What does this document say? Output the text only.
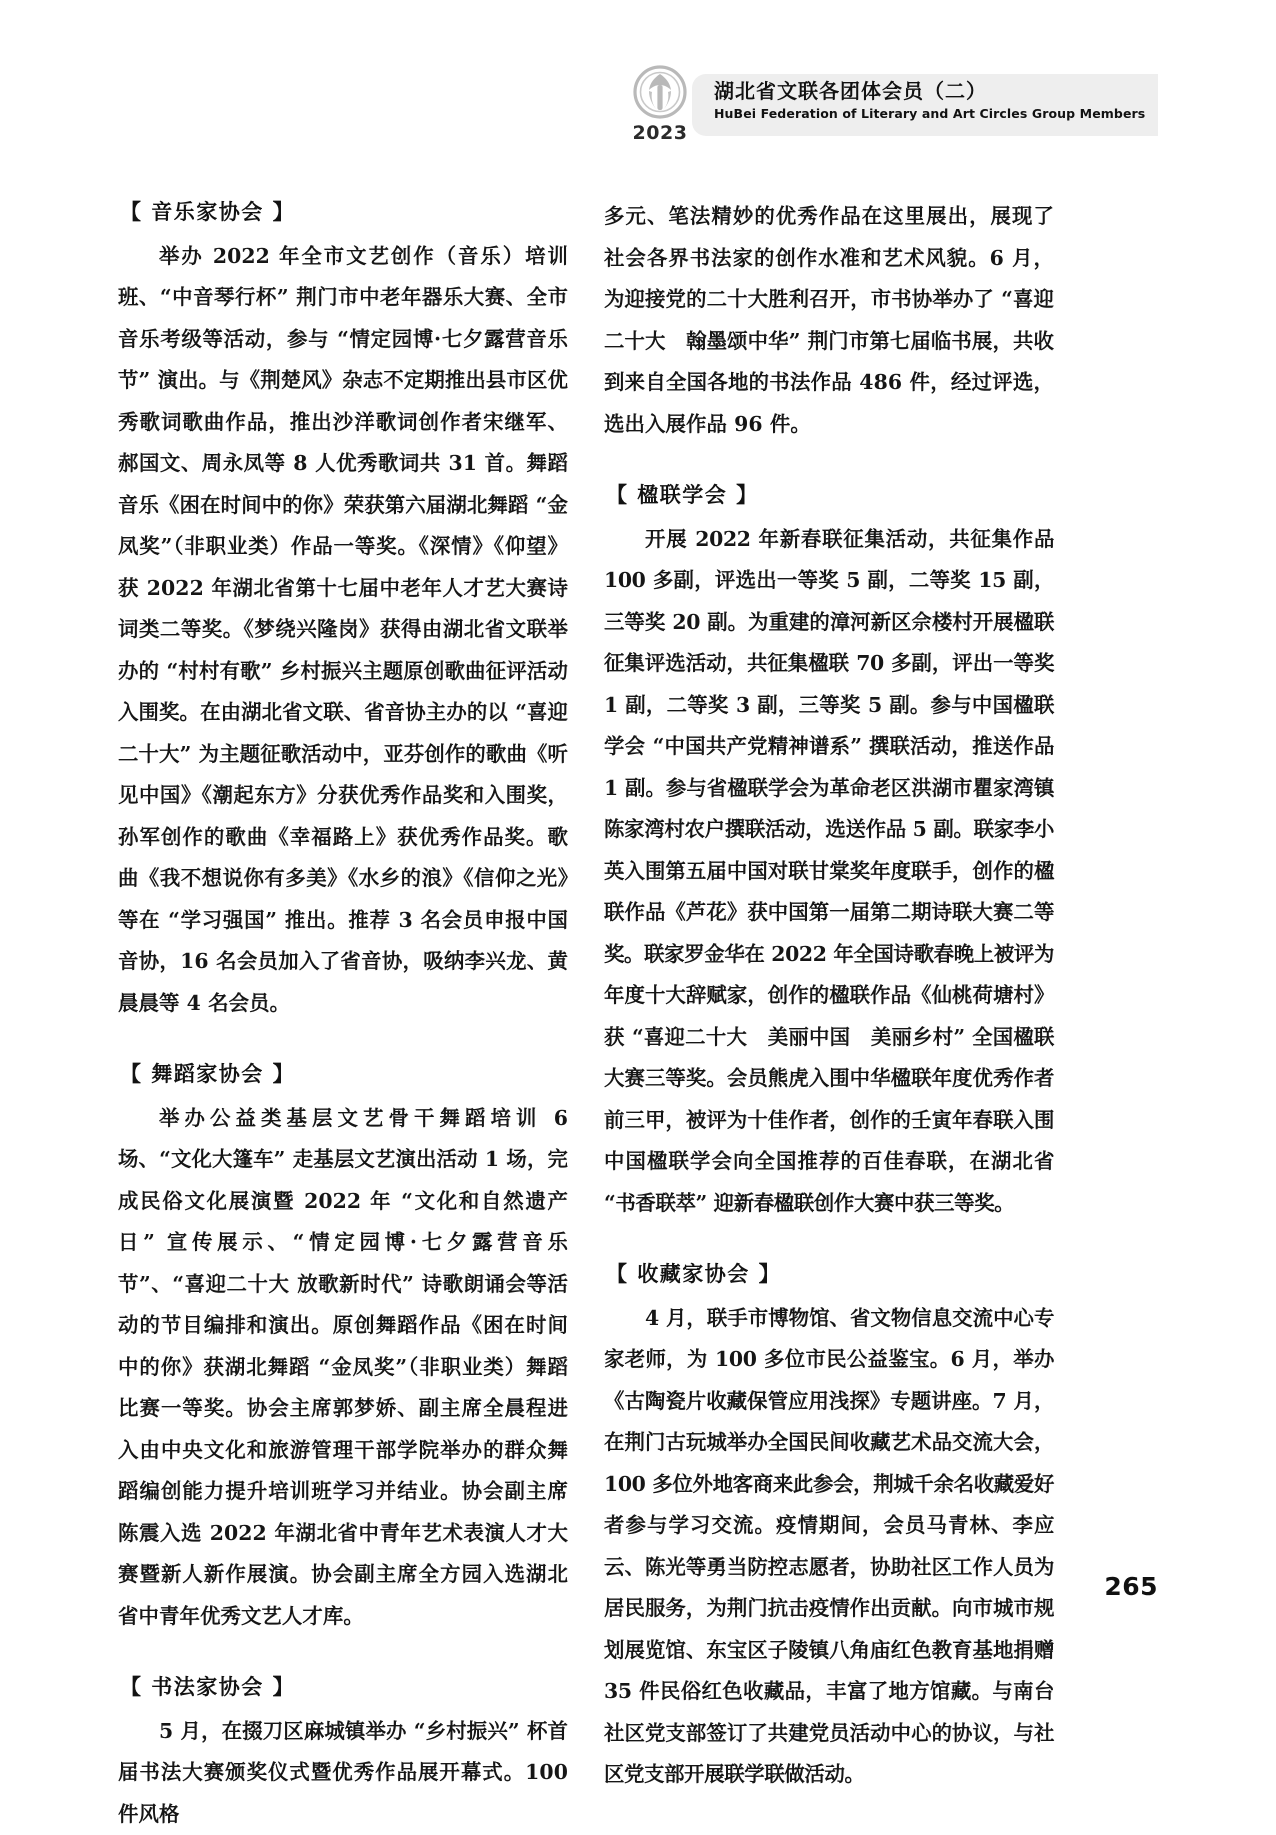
2023
湖北省文联各团体会员（二）
HuBei Federation of Literary and Art Circles Group Members
【 音乐家协会 】

举办 2022 年全市文艺创作（音乐）培训班、“中音琴行杯” 荆门市中老年器乐大赛、全市音乐考级等活动，参与 “情定园博·七夕露营音乐节” 演出。与《荆楚风》杂志不定期推出县市区优秀歌词歌曲作品，推出沙洋歌词创作者宋继军、郝国文、周永凤等 8 人优秀歌词共 31 首。舞蹈音乐《困在时间中的你》荣获第六届湖北舞蹈 “金凤奖”（非职业类）作品一等奖。《深情》《仰望》获 2022 年湖北省第十七届中老年人才艺大赛诗词类二等奖。《梦绕兴隆岗》获得由湖北省文联举办的 “村村有歌” 乡村振兴主题原创歌曲征评活动入围奖。在由湖北省文联、省音协主办的以 “喜迎二十大” 为主题征歌活动中，亚芬创作的歌曲《听见中国》《潮起东方》分获优秀作品奖和入围奖，孙军创作的歌曲《幸福路上》获优秀作品奖。歌曲《我不想说你有多美》《水乡的浪》《信仰之光》等在 “学习强国” 推出。推荐 3 名会员申报中国音协，16 名会员加入了省音协，吸纳李兴龙、黄晨晨等 4 名会员。

【 舞蹈家协会 】

举办公益类基层文艺骨干舞蹈培训 6 场、“文化大篷车” 走基层文艺演出活动 1 场，完成民俗文化展演暨 2022 年 “文化和自然遗产日” 宣传展示、“情定园博·七夕露营音乐节”、“喜迎二十大 放歌新时代” 诗歌朗诵会等活动的节目编排和演出。原创舞蹈作品《困在时间中的你》获湖北舞蹈 “金凤奖”（非职业类）舞蹈比赛一等奖。协会主席郭梦娇、副主席全晨程进入由中央文化和旅游管理干部学院举办的群众舞蹈编创能力提升培训班学习并结业。协会副主席陈震入选 2022 年湖北省中青年艺术表演人才大赛暨新人新作展演。协会副主席全方园入选湖北省中青年优秀文艺人才库。

【 书法家协会 】

5 月，在掇刀区麻城镇举办 “乡村振兴” 杯首届书法大赛颁奖仪式暨优秀作品展开幕式。100 件风格

多元、笔法精妙的优秀作品在这里展出，展现了社会各界书法家的创作水准和艺术风貌。6 月，为迎接党的二十大胜利召开，市书协举办了 “喜迎二十大　翰墨颂中华” 荆门市第七届临书展，共收到来自全国各地的书法作品 486 件，经过评选，选出入展作品 96 件。

【 楹联学会 】

开展 2022 年新春联征集活动，共征集作品 100 多副，评选出一等奖 5 副，二等奖 15 副，三等奖 20 副。为重建的漳河新区佘楼村开展楹联征集评选活动，共征集楹联 70 多副，评出一等奖 1 副，二等奖 3 副，三等奖 5 副。参与中国楹联学会 “中国共产党精神谱系” 撰联活动，推送作品 1 副。参与省楹联学会为革命老区洪湖市瞿家湾镇陈家湾村农户撰联活动，选送作品 5 副。联家李小英入围第五届中国对联甘棠奖年度联手，创作的楹联作品《芦花》获中国第一届第二期诗联大赛二等奖。联家罗金华在 2022 年全国诗歌春晚上被评为年度十大辞赋家，创作的楹联作品《仙桃荷塘村》获 “喜迎二十大　美丽中国　美丽乡村” 全国楹联大赛三等奖。会员熊虎入围中华楹联年度优秀作者前三甲，被评为十佳作者，创作的壬寅年春联入围中国楹联学会向全国推荐的百佳春联，在湖北省 “书香联萃” 迎新春楹联创作大赛中获三等奖。

【 收藏家协会 】

4 月，联手市博物馆、省文物信息交流中心专家老师，为 100 多位市民公益鉴宝。6 月，举办《古陶瓷片收藏保管应用浅探》专题讲座。7 月，在荆门古玩城举办全国民间收藏艺术品交流大会，100 多位外地客商来此参会，荆城千余名收藏爱好者参与学习交流。疫情期间，会员马青林、李应云、陈光等勇当防控志愿者，协助社区工作人员为居民服务，为荆门抗击疫情作出贡献。向市城市规划展览馆、东宝区子陵镇八角庙红色教育基地捐赠 35 件民俗红色收藏品，丰富了地方馆藏。与南台社区党支部签订了共建党员活动中心的协议，与社区党支部开展联学联做活动。

265
